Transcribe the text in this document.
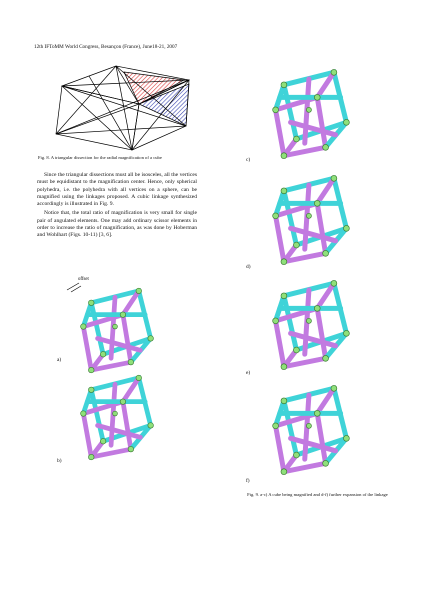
12th IFToMM World Congress, Besançon (France), June18-21, 2007
Fig. 8. A triangular dissection for the radial magnification of a cube

Since the triangular dissections must all be isosceles, all the vertices must be equidistant to the magnification center. Hence, only spherical polyhedra, i.e. the polyhedra with all vertices on a sphere, can be magnified using the linkages proposed. A cubic linkage synthesized accordingly is illustrated in Fig. 9.

Notice that, the total ratio of magnification is very small for single pair of angulated elements. One may add ordinary scissor elements in order to increase the ratio of magnification, as was done by Hoberman and Wohlhart (Figs. 10-11) [3, 6].

offset
a)
b)
c)
d)
e)
f)
Fig. 9. a-c) A cube being magnified and d-f) further expansion of the linkage
